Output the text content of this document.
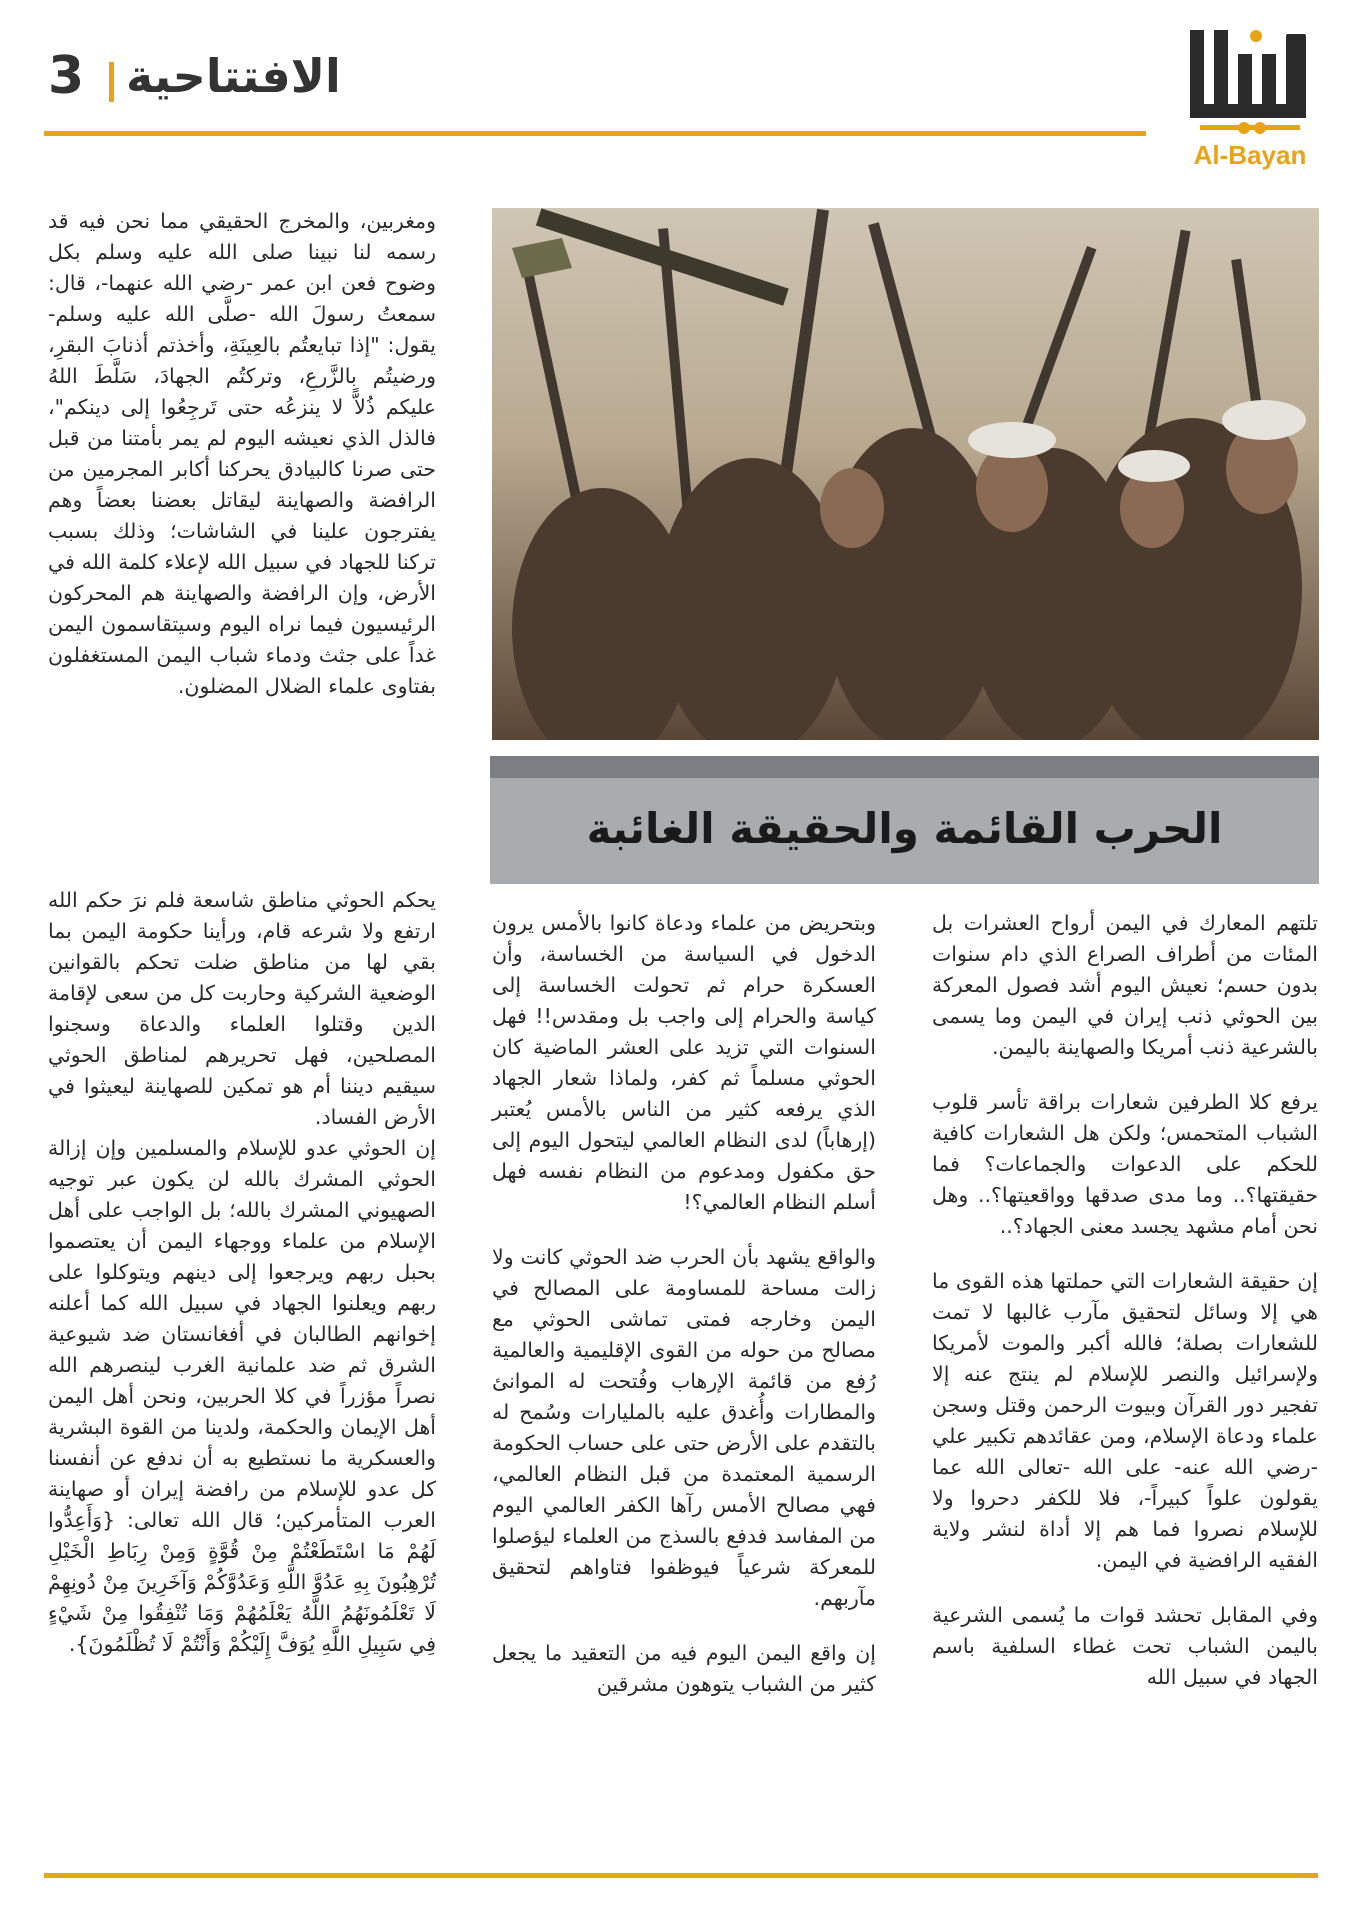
3 الافتتاحية
Al-Bayan
الحرب القائمة والحقيقة الغائبة

ومغربين، والمخرج الحقيقي مما نحن فيه قد رسمه لنا نبينا صلى الله عليه وسلم بكل وضوح فعن ابن عمر -رضي الله عنهما-، قال: سمعتُ رسولَ الله -صلَّى الله عليه وسلم- يقول: "إذا تبايعتُم بالعِينَةِ، وأخذتم أذنابَ البقرِ، ورضيتُم بالزَّرعِ، وتركتُم الجهادَ، سَلَّطَ اللهُ عليكم ذُلاًّ لا ينزعُه حتى تَرجِعُوا إلى دينكم"، فالذل الذي نعيشه اليوم لم يمر بأمتنا من قبل حتى صرنا كالبيادق يحركنا أكابر المجرمين من الرافضة والصهاينة ليقاتل بعضنا بعضاً وهم يفترجون علينا في الشاشات؛ وذلك بسبب تركنا للجهاد في سبيل الله لإعلاء كلمة الله في الأرض، وإن الرافضة والصهاينة هم المحركون الرئيسيون فيما نراه اليوم وسيتقاسمون اليمن غداً على جثث ودماء شباب اليمن المستغفلون بفتاوى علماء الضلال المضلون.

يحكم الحوثي مناطق شاسعة فلم نرَ حكم الله ارتفع ولا شرعه قام، ورأينا حكومة اليمن بما بقي لها من مناطق ضلت تحكم بالقوانين الوضعية الشركية وحاربت كل من سعى لإقامة الدين وقتلوا العلماء والدعاة وسجنوا المصلحين، فهل تحريرهم لمناطق الحوثي سيقيم ديننا أم هو تمكين للصهاينة ليعيثوا في الأرض الفساد.

إن الحوثي عدو للإسلام والمسلمين وإن إزالة الحوثي المشرك بالله لن يكون عبر توجيه الصهيوني المشرك بالله؛ بل الواجب على أهل الإسلام من علماء ووجهاء اليمن أن يعتصموا بحبل ربهم ويرجعوا إلى دينهم ويتوكلوا على ربهم ويعلنوا الجهاد في سبيل الله كما أعلنه إخوانهم الطالبان في أفغانستان ضد شيوعية الشرق ثم ضد علمانية الغرب لينصرهم الله نصراً مؤزراً في كلا الحربين، ونحن أهل اليمن أهل الإيمان والحكمة، ولدينا من القوة البشرية والعسكرية ما نستطيع به أن ندفع عن أنفسنا كل عدو للإسلام من رافضة إيران أو صهاينة العرب المتأمركين؛ قال الله تعالى: {وَأَعِدُّوا لَهُمْ مَا اسْتَطَعْتُمْ مِنْ قُوَّةٍ وَمِنْ رِبَاطِ الْخَيْلِ تُرْهِبُونَ بِهِ عَدُوَّ اللَّهِ وَعَدُوَّكُمْ وَآخَرِينَ مِنْ دُونِهِمْ لَا تَعْلَمُونَهُمُ اللَّهُ يَعْلَمُهُمْ وَمَا تُنْفِقُوا مِنْ شَيْءٍ فِي سَبِيلِ اللَّهِ يُوَفَّ إِلَيْكُمْ وَأَنْتُمْ لَا تُظْلَمُونَ}.

وبتحريض من علماء ودعاة كانوا بالأمس يرون الدخول في السياسة من الخساسة، وأن العسكرة حرام ثم تحولت الخساسة إلى كياسة والحرام إلى واجب بل ومقدس!! فهل السنوات التي تزيد على العشر الماضية كان الحوثي مسلماً ثم كفر، ولماذا شعار الجهاد الذي يرفعه كثير من الناس بالأمس يُعتبر (إرهاباً) لدى النظام العالمي ليتحول اليوم إلى حق مكفول ومدعوم من النظام نفسه فهل أسلم النظام العالمي؟!

والواقع يشهد بأن الحرب ضد الحوثي كانت ولا زالت مساحة للمساومة على المصالح في اليمن وخارجه فمتى تماشى الحوثي مع مصالح من حوله من القوى الإقليمية والعالمية رُفع من قائمة الإرهاب وفُتحت له الموانئ والمطارات وأُغدق عليه بالمليارات وسُمح له بالتقدم على الأرض حتى على حساب الحكومة الرسمية المعتمدة من قبل النظام العالمي، فهي مصالح الأمس رآها الكفر العالمي اليوم من المفاسد فدفع بالسذج من العلماء ليؤصلوا للمعركة شرعياً فيوظفوا فتاواهم لتحقيق مآربهم.

إن واقع اليمن اليوم فيه من التعقيد ما يجعل كثير من الشباب يتوهون مشرقين

تلتهم المعارك في اليمن أرواح العشرات بل المئات من أطراف الصراع الذي دام سنوات بدون حسم؛ نعيش اليوم أشد فصول المعركة بين الحوثي ذنب إيران في اليمن وما يسمى بالشرعية ذنب أمريكا والصهاينة باليمن.

يرفع كلا الطرفين شعارات براقة تأسر قلوب الشباب المتحمس؛ ولكن هل الشعارات كافية للحكم على الدعوات والجماعات؟ فما حقيقتها؟.. وما مدى صدقها وواقعيتها؟.. وهل نحن أمام مشهد يجسد معنى الجهاد؟..

إن حقيقة الشعارات التي حملتها هذه القوى ما هي إلا وسائل لتحقيق مآرب غالبها لا تمت للشعارات بصلة؛ فالله أكبر والموت لأمريكا ولإسرائيل والنصر للإسلام لم ينتج عنه إلا تفجير دور القرآن وبيوت الرحمن وقتل وسجن علماء ودعاة الإسلام، ومن عقائدهم تكبير علي -رضي الله عنه- على الله -تعالى الله عما يقولون علواً كبيراً-، فلا للكفر دحروا ولا للإسلام نصروا فما هم إلا أداة لنشر ولاية الفقيه الرافضية في اليمن.

وفي المقابل تحشد قوات ما يُسمى الشرعية باليمن الشباب تحت غطاء السلفية باسم الجهاد في سبيل الله
